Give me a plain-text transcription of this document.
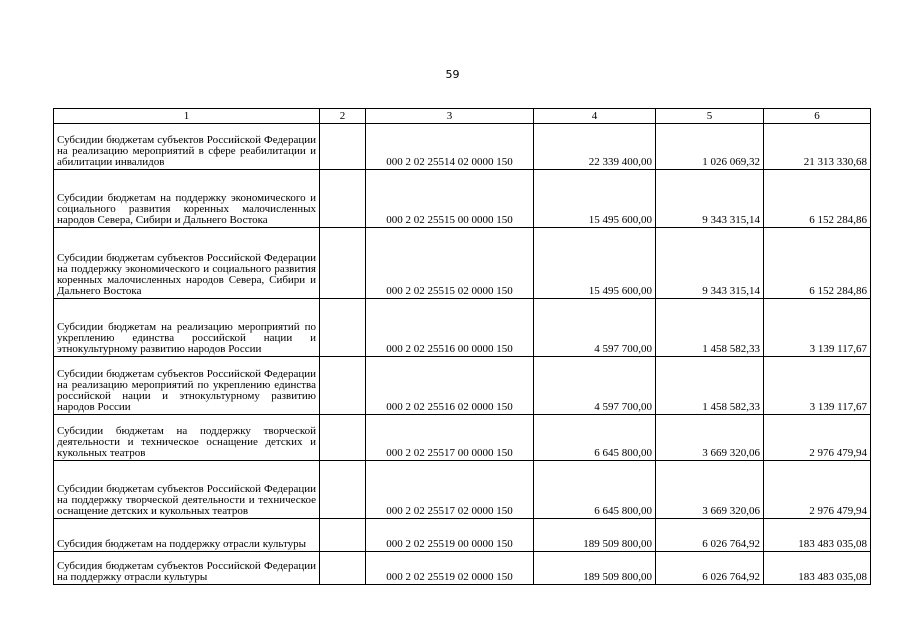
59
1	2	3	4	5	6
Субсидии бюджетам субъектов Российской Федерации на реализацию мероприятий в сфере реабилитации и абилитации инвалидов		000 2 02 25514 02 0000 150	22 339 400,00	1 026 069,32	21 313 330,68
Субсидии бюджетам на поддержку экономического и социального развития коренных малочисленных народов Севера, Сибири и Дальнего Востока		000 2 02 25515 00 0000 150	15 495 600,00	9 343 315,14	6 152 284,86
Субсидии бюджетам субъектов Российской Федерации на поддержку экономического и социального развития коренных малочисленных народов Севера, Сибири и Дальнего Востока		000 2 02 25515 02 0000 150	15 495 600,00	9 343 315,14	6 152 284,86
Субсидии бюджетам на реализацию мероприятий по укреплению единства российской нации и этнокультурному развитию народов России		000 2 02 25516 00 0000 150	4 597 700,00	1 458 582,33	3 139 117,67
Субсидии бюджетам субъектов Российской Федерации на реализацию мероприятий по укреплению единства российской нации и этнокультурному развитию народов России		000 2 02 25516 02 0000 150	4 597 700,00	1 458 582,33	3 139 117,67
Субсидии бюджетам на поддержку творческой деятельности и техническое оснащение детских и кукольных театров		000 2 02 25517 00 0000 150	6 645 800,00	3 669 320,06	2 976 479,94
Субсидии бюджетам субъектов Российской Федерации на поддержку творческой деятельности и техническое оснащение детских и кукольных театров		000 2 02 25517 02 0000 150	6 645 800,00	3 669 320,06	2 976 479,94
Субсидия бюджетам на поддержку отрасли культуры		000 2 02 25519 00 0000 150	189 509 800,00	6 026 764,92	183 483 035,08
Субсидия бюджетам субъектов Российской Федерации на поддержку отрасли культуры		000 2 02 25519 02 0000 150	189 509 800,00	6 026 764,92	183 483 035,08
